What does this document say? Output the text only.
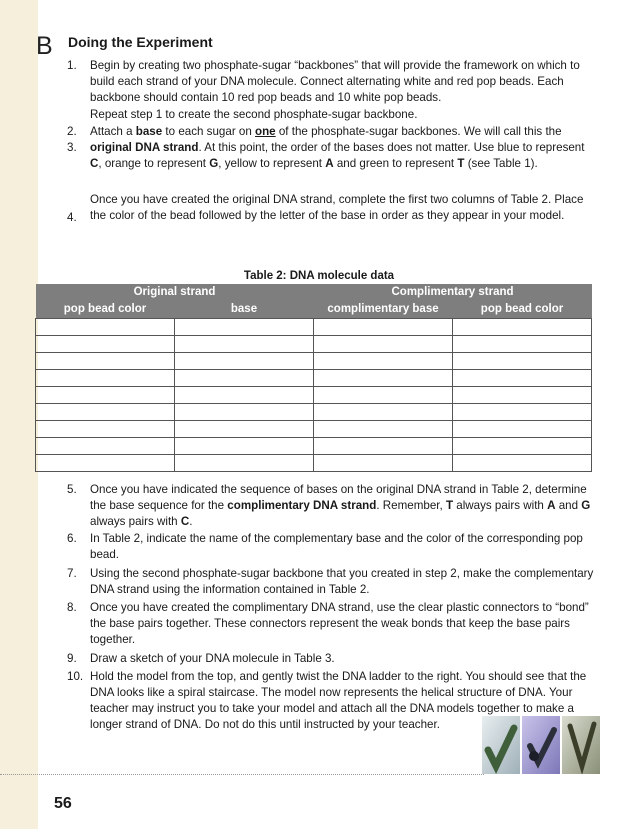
B Doing the Experiment
1.	Begin by creating two phosphate-sugar “backbones” that will provide the framework on which to build each strand of your DNA molecule. Connect alternating white and red pop beads. Each backbone should contain 10 red pop beads and 10 white pop beads.
2.
Repeat step 1 to create the second phosphate-sugar backbone.
3.
Attach a base to each sugar on one of the phosphate-sugar backbones. We will call this the original DNA strand. At this point, the order of the bases does not matter. Use blue to represent C, orange to represent G, yellow to represent A and green to represent T (see Table 1).
4.
Once you have created the original DNA strand, complete the first two columns of Table 2. Place the color of the bead followed by the letter of the base in order as they appear in your model.
Table 2: DNA molecule data
Original strand		Complimentary strand	
pop bead color	base	complimentary base	pop bead color

5.	Once you have indicated the sequence of bases on the original DNA strand in Table 2, determine the base sequence for the complimentary DNA strand. Remember, T always pairs with A and G always pairs with C.
6.	In Table 2, indicate the name of the complementary base and the color of the corresponding pop bead.
7.	Using the second phosphate-sugar backbone that you created in step 2, make the complementary DNA strand using the information contained in Table 2.
8.	Once you have created the complimentary DNA strand, use the clear plastic connectors to “bond” the base pairs together. These connectors represent the weak bonds that keep the base pairs together.
9.	Draw a sketch of your DNA molecule in Table 3.
10. Hold the model from the top, and gently twist the DNA ladder to the right. You should see that the DNA looks like a spiral staircase. The model now represents the helical structure of DNA. Your teacher may instruct you to take your model and attach all the DNA models together to make a longer strand of DNA. Do not do this until instructed by your teacher.
56
